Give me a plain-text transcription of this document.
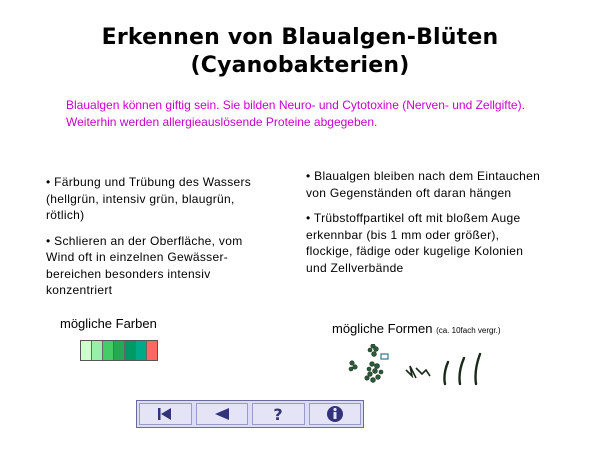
Erkennen von Blaualgen-Blüten
(Cyanobakterien)
Blaualgen können giftig sein. Sie bilden Neuro- und Cytotoxine (Nerven- und Zellgifte). Weiterhin werden allergieauslösende Proteine abgegeben.

• Färbung und Trübung des Wassers (hellgrün, intensiv grün, blaugrün, rötlich)

• Schlieren an der Oberfläche, vom Wind oft in einzelnen Gewässer-bereichen besonders intensiv konzentriert

• Blaualgen bleiben nach dem Eintauchen von Gegenständen oft daran hängen

• Trübstoffpartikel oft mit bloßem Auge erkennbar (bis 1 mm oder größer), flockige, fädige oder kugelige Kolonien und Zellverbände

mögliche Farben	mögliche Formen (ca. 10fach vergr.)
?
